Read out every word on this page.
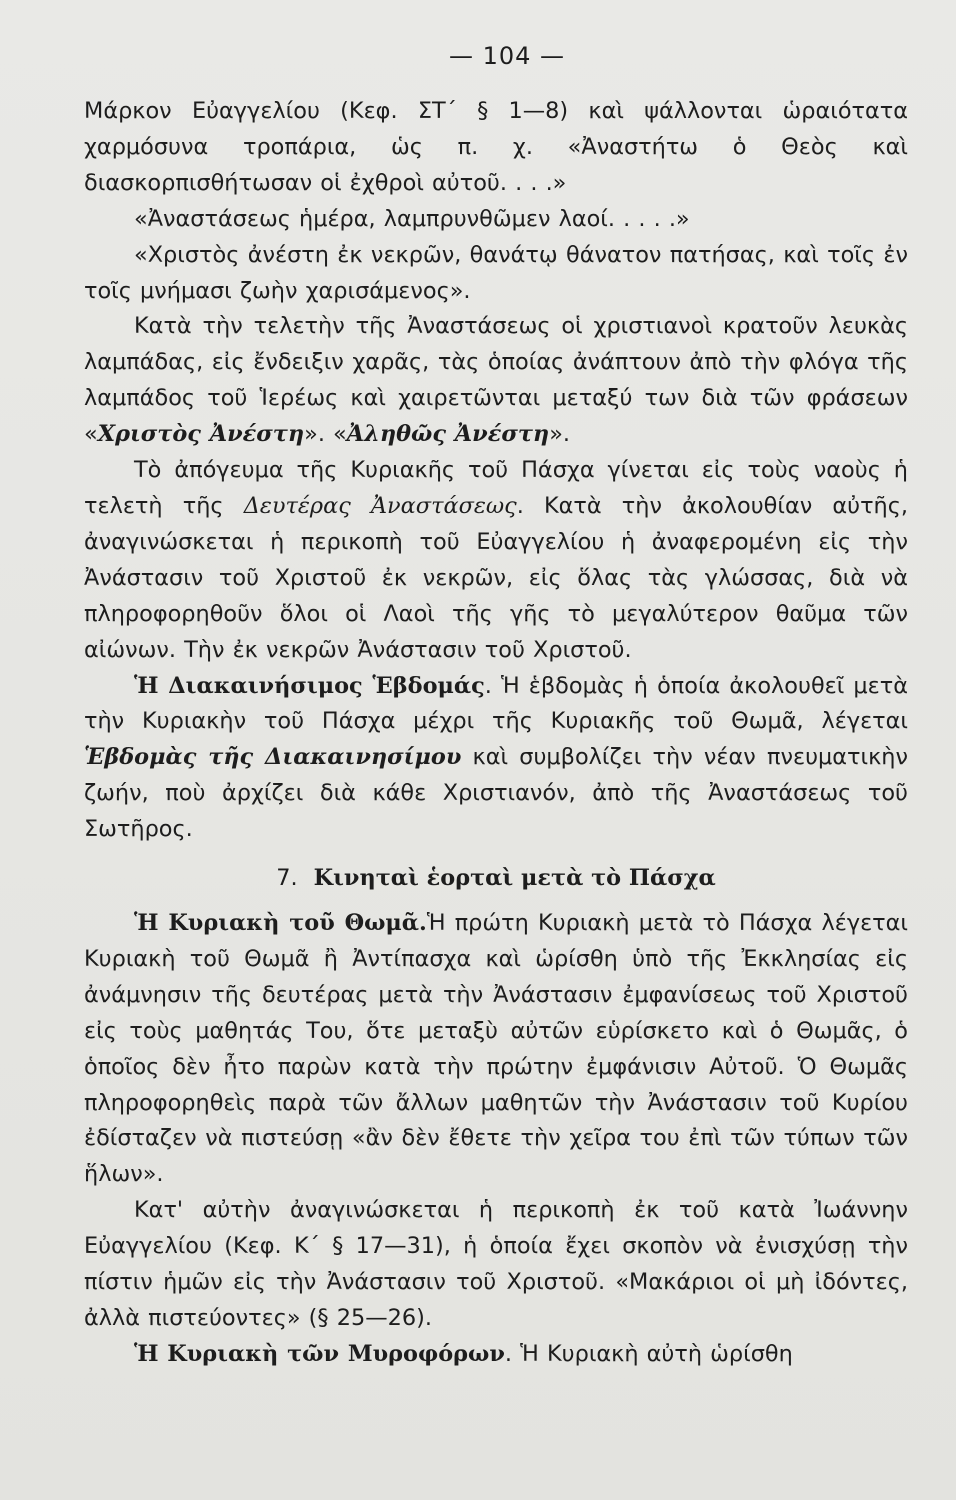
— 104 —

Μάρκον Εὐαγγελίου (Κεφ. ΣΤ΄ § 1—8) καὶ ψάλλονται ὡραιότατα χαρμόσυνα τροπάρια, ὡς π. χ. «Ἀναστήτω ὁ Θεὸς καὶ διασκορπισθήτωσαν οἱ ἐχθροὶ αὐτοῦ. . . .»

«Ἀναστάσεως ἡμέρα, λαμπρυνθῶμεν λαοί. . . . .»

«Χριστὸς ἀνέστη ἐκ νεκρῶν, θανάτῳ θάνατον πατήσας, καὶ τοῖς ἐν τοῖς μνήμασι ζωὴν χαρισάμενος».

Κατὰ τὴν τελετὴν τῆς Ἀναστάσεως οἱ χριστιανοὶ κρατοῦν λευκὰς λαμπάδας, εἰς ἔνδειξιν χαρᾶς, τὰς ὁποίας ἀνάπτουν ἀπὸ τὴν φλόγα τῆς λαμπάδος τοῦ Ἱερέως καὶ χαιρετῶνται μεταξύ των διὰ τῶν φράσεων «Χριστὸς Ἀνέστη». «Ἀληθῶς Ἀνέστη».

Τὸ ἀπόγευμα τῆς Κυριακῆς τοῦ Πάσχα γίνεται εἰς τοὺς ναοὺς ἡ τελετὴ τῆς Δευτέρας Ἀναστάσεως. Κατὰ τὴν ἀκολουθίαν αὐτῆς, ἀναγινώσκεται ἡ περικοπὴ τοῦ Εὐαγγελίου ἡ ἀναφερομένη εἰς τὴν Ἀνάστασιν τοῦ Χριστοῦ ἐκ νεκρῶν, εἰς ὅλας τὰς γλώσσας, διὰ νὰ πληροφορηθοῦν ὅλοι οἱ Λαοὶ τῆς γῆς τὸ μεγαλύτερον θαῦμα τῶν αἰώνων. Τὴν ἐκ νεκρῶν Ἀνάστασιν τοῦ Χριστοῦ.

Ἡ Διακαινήσιμος Ἑβδομάς. Ἡ ἑβδομὰς ἡ ὁποία ἀκολουθεῖ μετὰ τὴν Κυριακὴν τοῦ Πάσχα μέχρι τῆς Κυριακῆς τοῦ Θωμᾶ, λέγεται Ἑβδομὰς τῆς Διακαινησίμου καὶ συμβολίζει τὴν νέαν πνευματικὴν ζωήν, ποὺ ἀρχίζει διὰ κάθε Χριστιανόν, ἀπὸ τῆς Ἀναστάσεως τοῦ Σωτῆρος.

7. Κινηταὶ ἑορταὶ μετὰ τὸ Πάσχα

Ἡ Κυριακὴ τοῦ Θωμᾶ.Ἡ πρώτη Κυριακὴ μετὰ τὸ Πάσχα λέγεται Κυριακὴ τοῦ Θωμᾶ ἢ Ἀντίπασχα καὶ ὡρίσθη ὑπὸ τῆς Ἐκκλησίας εἰς ἀνάμνησιν τῆς δευτέρας μετὰ τὴν Ἀνάστασιν ἐμφανίσεως τοῦ Χριστοῦ εἰς τοὺς μαθητάς Του, ὅτε μεταξὺ αὐτῶν εὑρίσκετο καὶ ὁ Θωμᾶς, ὁ ὁποῖος δὲν ἦτο παρὼν κατὰ τὴν πρώτην ἐμφάνισιν Αὐτοῦ. Ὁ Θωμᾶς πληροφορηθεὶς παρὰ τῶν ἄλλων μαθητῶν τὴν Ἀνάστασιν τοῦ Κυρίου ἐδίσταζεν νὰ πιστεύσῃ «ἂν δὲν ἔθετε τὴν χεῖρα του ἐπὶ τῶν τύπων τῶν ἥλων».

Κατ' αὐτὴν ἀναγινώσκεται ἡ περικοπὴ ἐκ τοῦ κατὰ Ἰωάννην Εὐαγγελίου (Κεφ. Κ΄ § 17—31), ἡ ὁποία ἔχει σκοπὸν νὰ ἐνισχύσῃ τὴν πίστιν ἡμῶν εἰς τὴν Ἀνάστασιν τοῦ Χριστοῦ. «Μακάριοι οἱ μὴ ἰδόντες, ἀλλὰ πιστεύοντες» (§ 25—26).

Ἡ Κυριακὴ τῶν Μυροφόρων. Ἡ Κυριακὴ αὐτὴ ὡρίσθη
